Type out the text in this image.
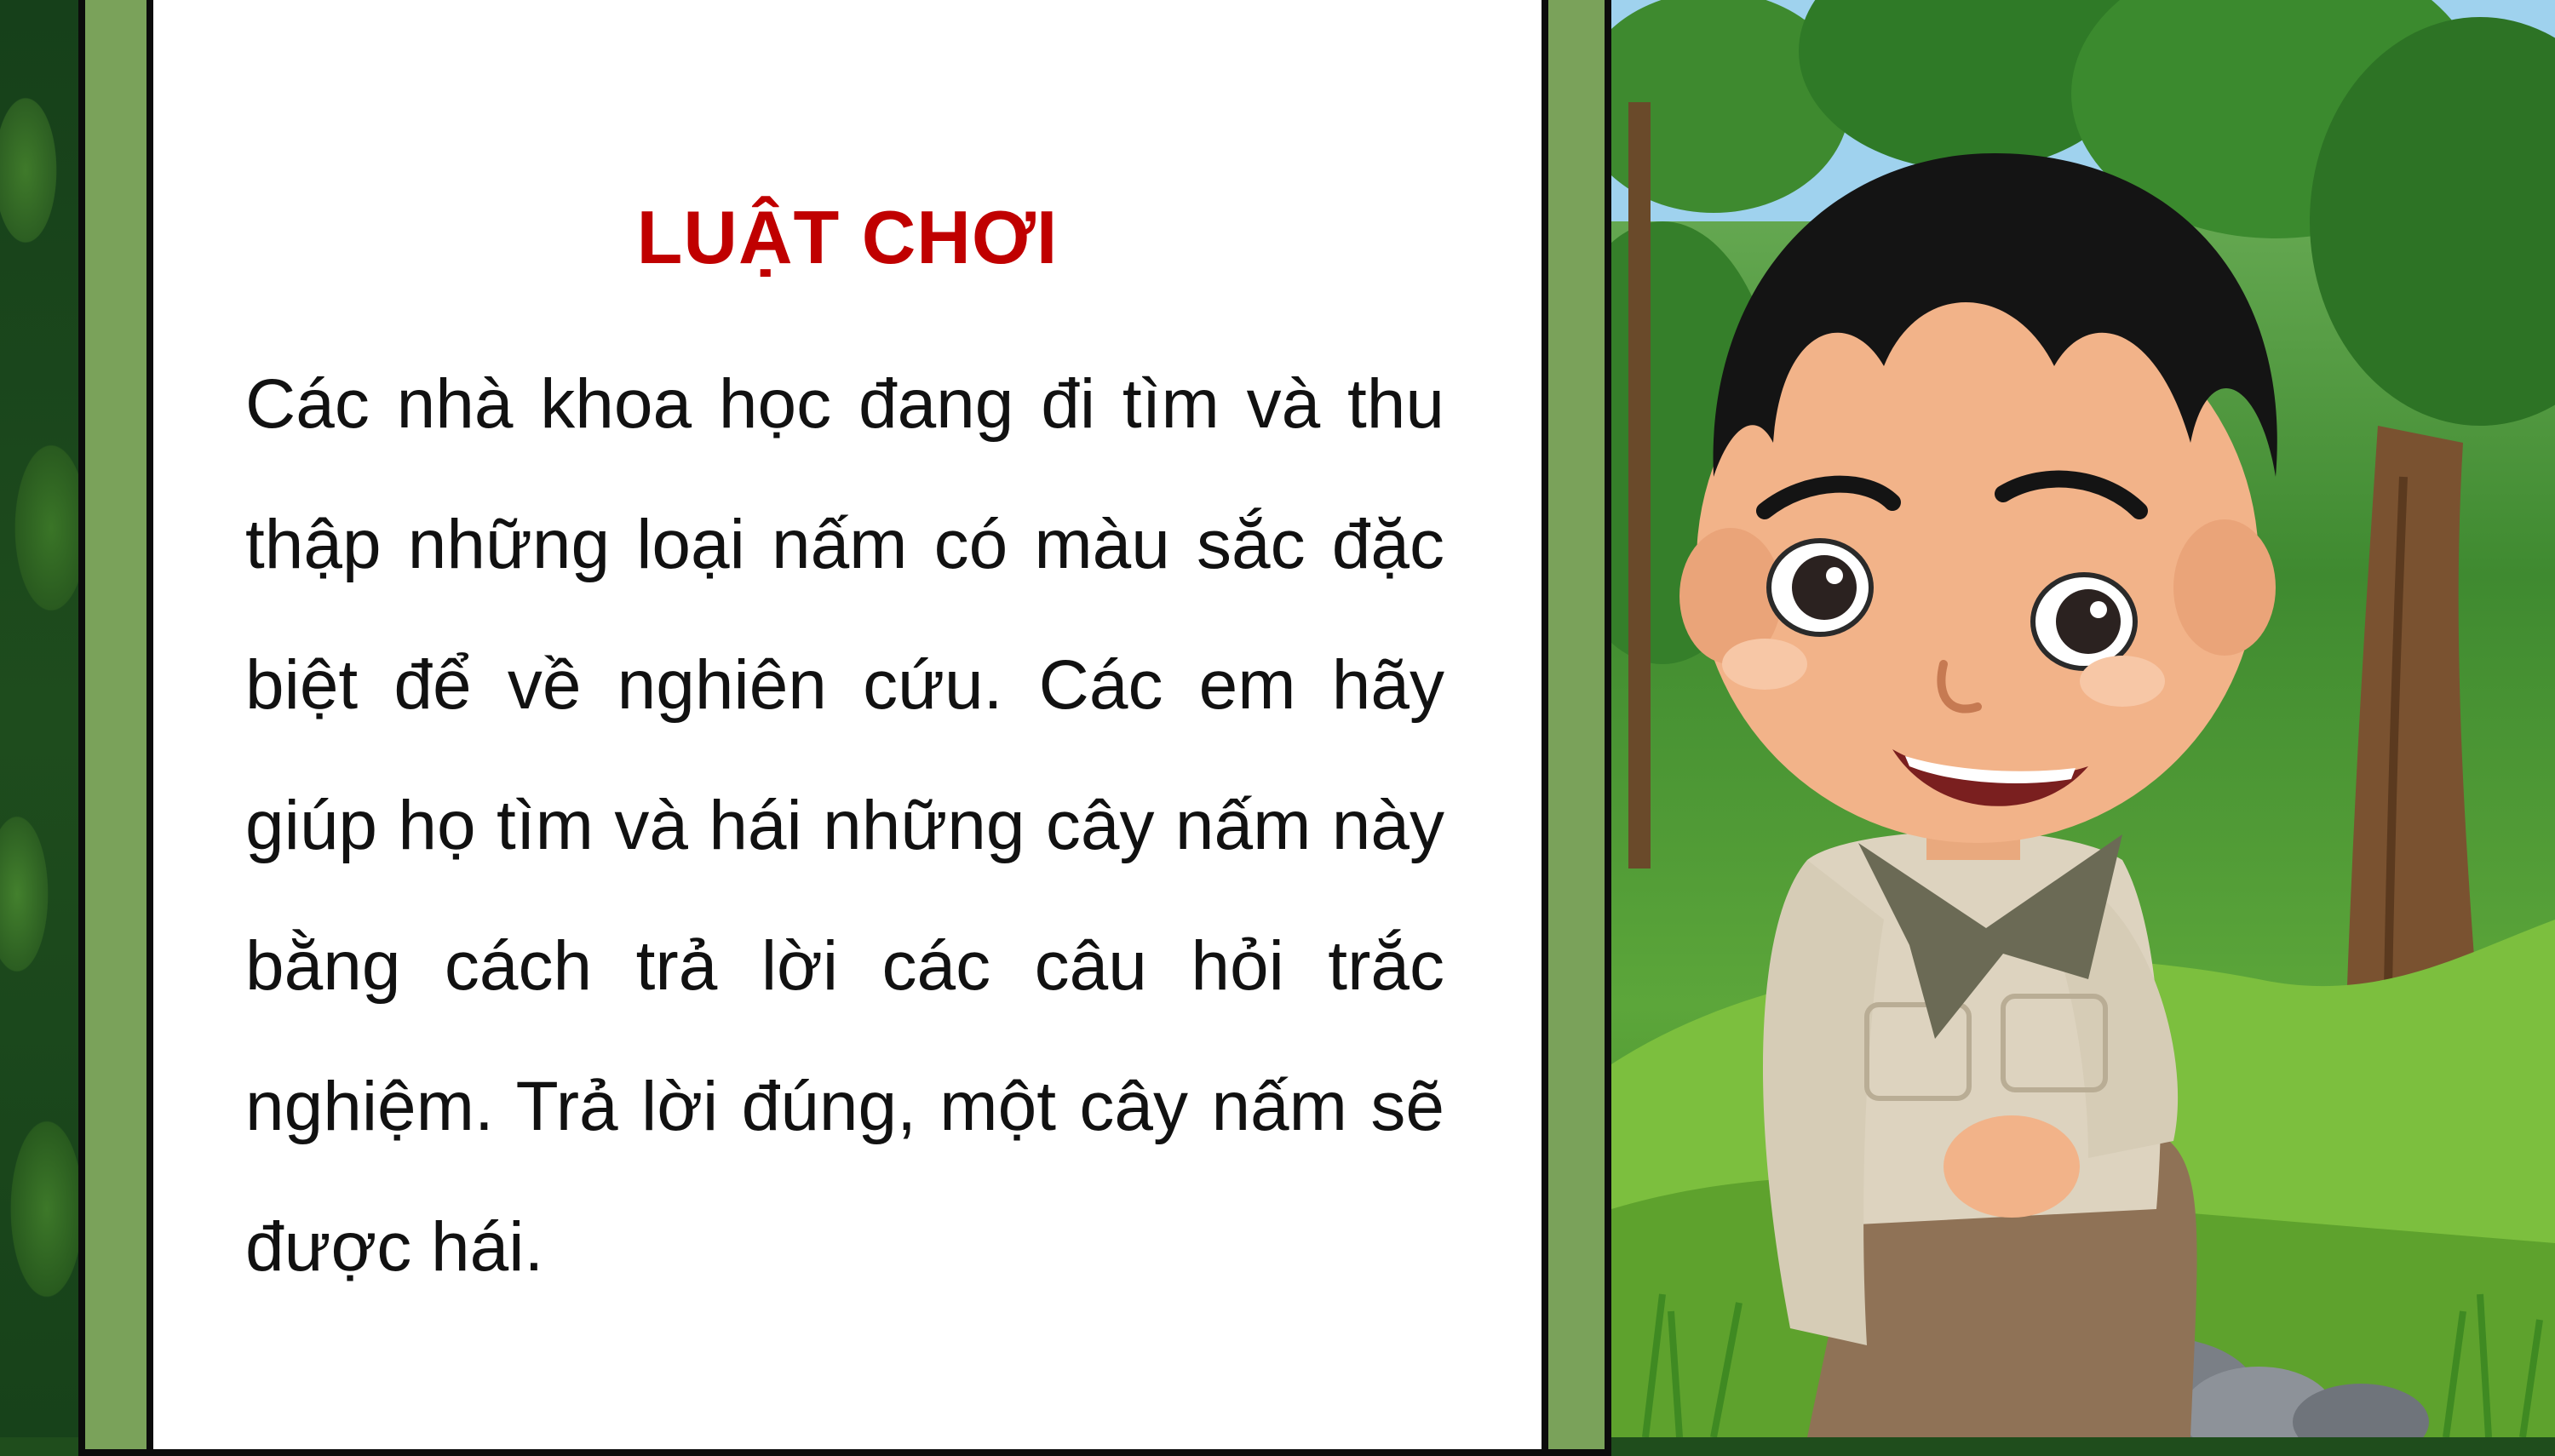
LUẬT CHƠI

Các nhà khoa học đang đi tìm và thu thập những loại nấm có màu sắc đặc biệt để về nghiên cứu. Các em hãy giúp họ tìm và hái những cây nấm này bằng cách trả lời các câu hỏi trắc nghiệm. Trả lời đúng, một cây nấm sẽ được hái.
